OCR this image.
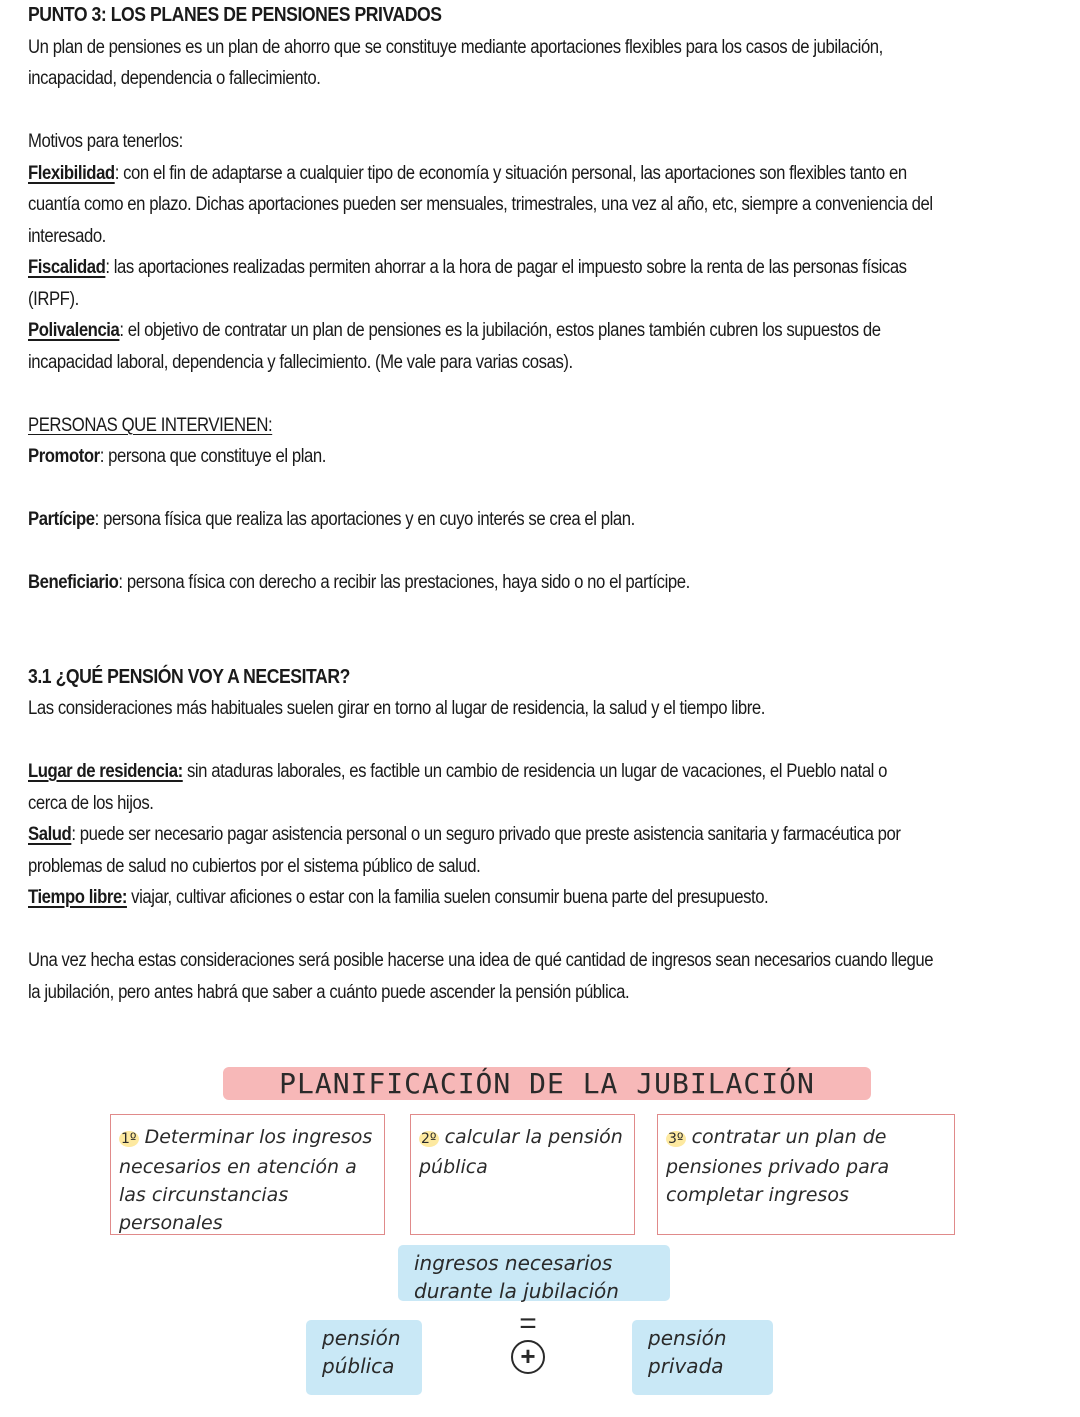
PUNTO 3: LOS PLANES DE PENSIONES PRIVADOS
Un plan de pensiones es un plan de ahorro que se constituye mediante aportaciones flexibles para los casos de jubilación,
incapacidad, dependencia o fallecimiento.
Motivos para tenerlos:
Flexibilidad: con el fin de adaptarse a cualquier tipo de economía y situación personal, las aportaciones son flexibles tanto en
cuantía como en plazo. Dichas aportaciones pueden ser mensuales, trimestrales, una vez al año, etc, siempre a conveniencia del
interesado.
Fiscalidad: las aportaciones realizadas permiten ahorrar a la hora de pagar el impuesto sobre la renta de las personas físicas
(IRPF).
Polivalencia: el objetivo de contratar un plan de pensiones es la jubilación, estos planes también cubren los supuestos de
incapacidad laboral, dependencia y fallecimiento. (Me vale para varias cosas).
PERSONAS QUE INTERVIENEN:
Promotor: persona que constituye el plan.
Partícipe: persona física que realiza las aportaciones y en cuyo interés se crea el plan.
Beneficiario: persona física con derecho a recibir las prestaciones, haya sido o no el partícipe.
3.1 ¿QUÉ PENSIÓN VOY A NECESITAR?
Las consideraciones más habituales suelen girar en torno al lugar de residencia, la salud y el tiempo libre.
Lugar de residencia: sin ataduras laborales, es factible un cambio de residencia un lugar de vacaciones, el Pueblo natal o
cerca de los hijos.
Salud: puede ser necesario pagar asistencia personal o un seguro privado que preste asistencia sanitaria y farmacéutica por
problemas de salud no cubiertos por el sistema público de salud.
Tiempo libre: viajar, cultivar aficiones o estar con la familia suelen consumir buena parte del presupuesto.
Una vez hecha estas consideraciones será posible hacerse una idea de qué cantidad de ingresos sean necesarios cuando llegue
la jubilación, pero antes habrá que saber a cuánto puede ascender la pensión pública.
PLANIFICACIÓN DE LA JUBILACIÓN
1º Determinar los ingresos necesarios en atención a las circunstancias personales
2º calcular la pensión pública
3º contratar un plan de pensiones privado para completar ingresos
ingresos necesarios durante la jubilación
=
+
pensión pública
pensión privada
